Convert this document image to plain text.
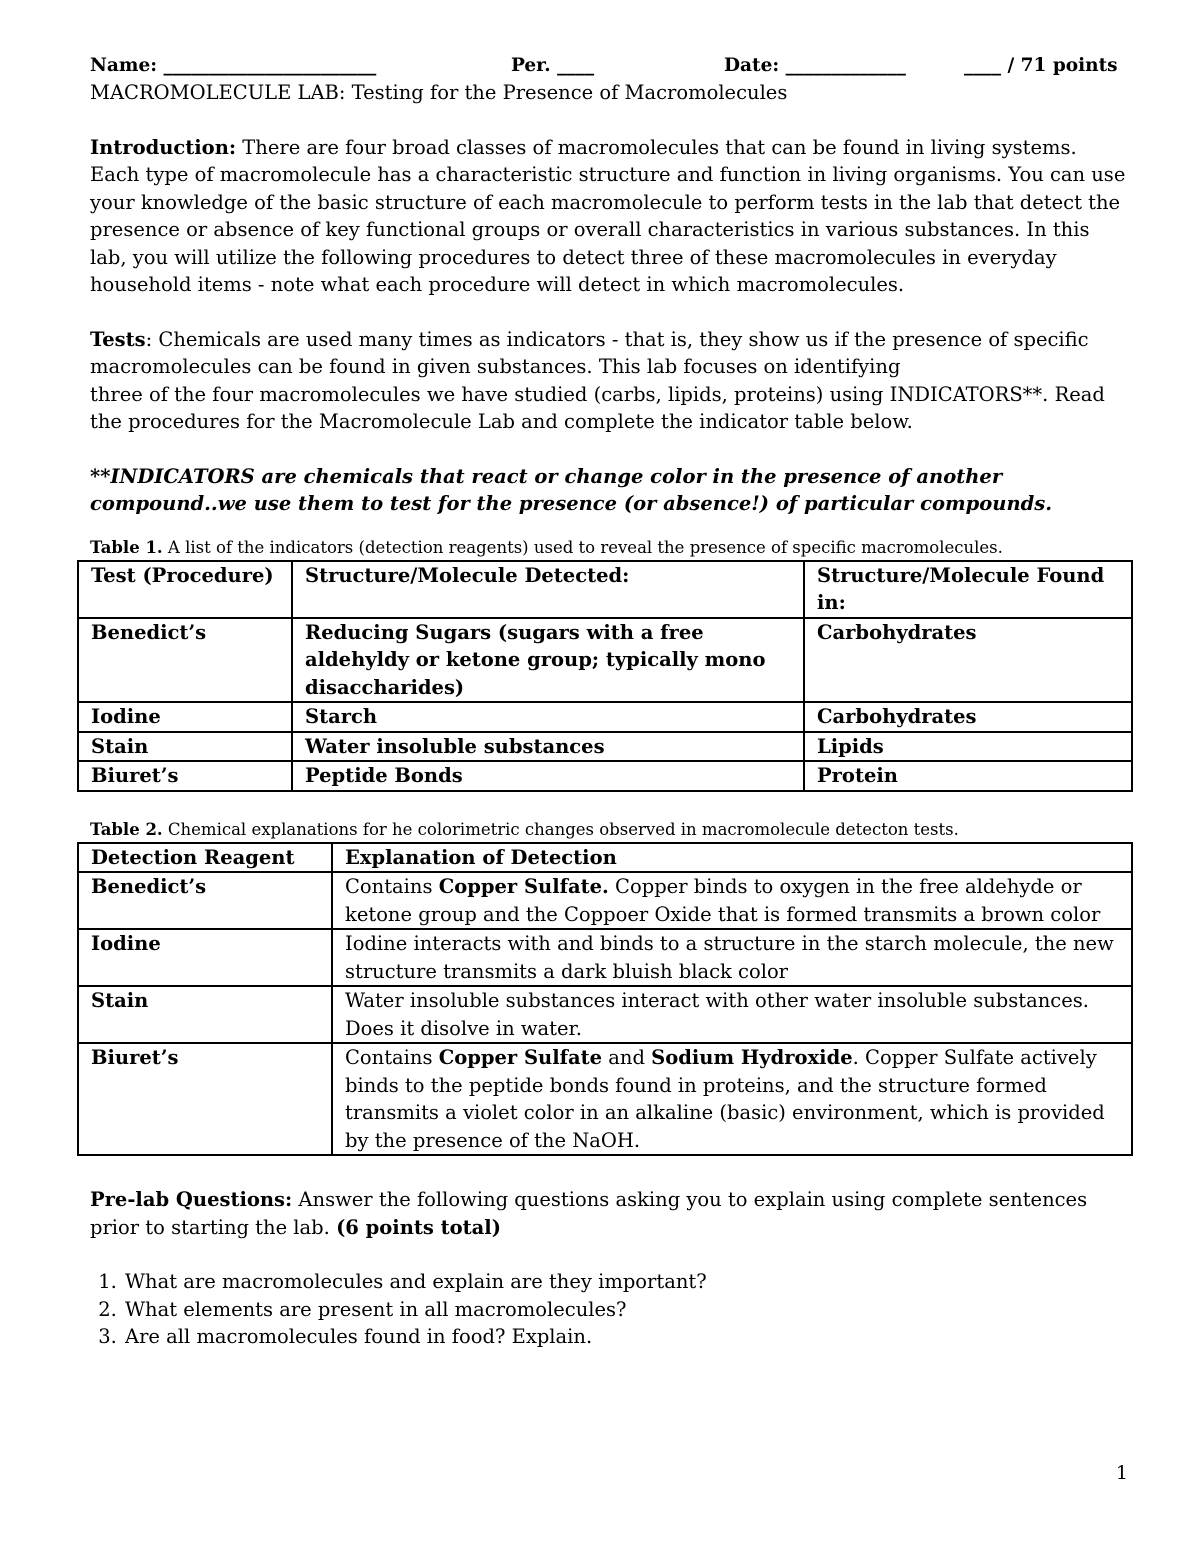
Name: _______________________	Per. ____	Date: _____________	____ / 71 points

MACROMOLECULE LAB: Testing for the Presence of Macromolecules

Introduction: There are four broad classes of macromolecules that can be found in living systems. Each type of macromolecule has a characteristic structure and function in living organisms. You can use your knowledge of the basic structure of each macromolecule to perform tests in the lab that detect the presence or absence of key functional groups or overall characteristics in various substances. In this lab, you will utilize the following procedures to detect three of these macromolecules in everyday household items - note what each procedure will detect in which macromolecules.

Tests: Chemicals are used many times as indicators - that is, they show us if the presence of specific macromolecules can be found in given substances. This lab focuses on identifying
three of the four macromolecules we have studied (carbs, lipids, proteins) using INDICATORS**. Read the procedures for the Macromolecule Lab and complete the indicator table below.

**INDICATORS are chemicals that react or change color in the presence of another compound..we use them to test for the presence (or absence!) of particular compounds.

Table 1. A list of the indicators (detection reagents) used to reveal the presence of specific macromolecules.
Test (Procedure)	Structure/Molecule Detected:	Structure/Molecule Found in:
Benedict’s	Reducing Sugars (sugars with a free aldehyldy or ketone group; typically mono disaccharides)	Carbohydrates
Iodine	Starch	Carbohydrates
Stain	Water insoluble substances	Lipids
Biuret’s	Peptide Bonds	Protein
Table 2. Chemical explanations for he colorimetric changes observed in macromolecule detecton tests.
Detection Reagent	Explanation of Detection
Benedict’s	Contains Copper Sulfate. Copper binds to oxygen in the free aldehyde or ketone group and the Coppoer Oxide that is formed transmits a brown color
Iodine	Iodine interacts with and binds to a structure in the starch molecule, the new structure transmits a dark bluish black color
Stain	Water insoluble substances interact with other water insoluble substances. Does it disolve in water.
Biuret’s	Contains Copper Sulfate and Sodium Hydroxide. Copper Sulfate actively binds to the peptide bonds found in proteins, and the structure formed transmits a violet color in an alkaline (basic) environment, which is provided by the presence of the NaOH.

Pre-lab Questions: Answer the following questions asking you to explain using complete sentences prior to starting the lab. (6 points total)

1. What are macromolecules and explain are they important?
2. What elements are present in all macromolecules?
3. Are all macromolecules found in food? Explain.
1
